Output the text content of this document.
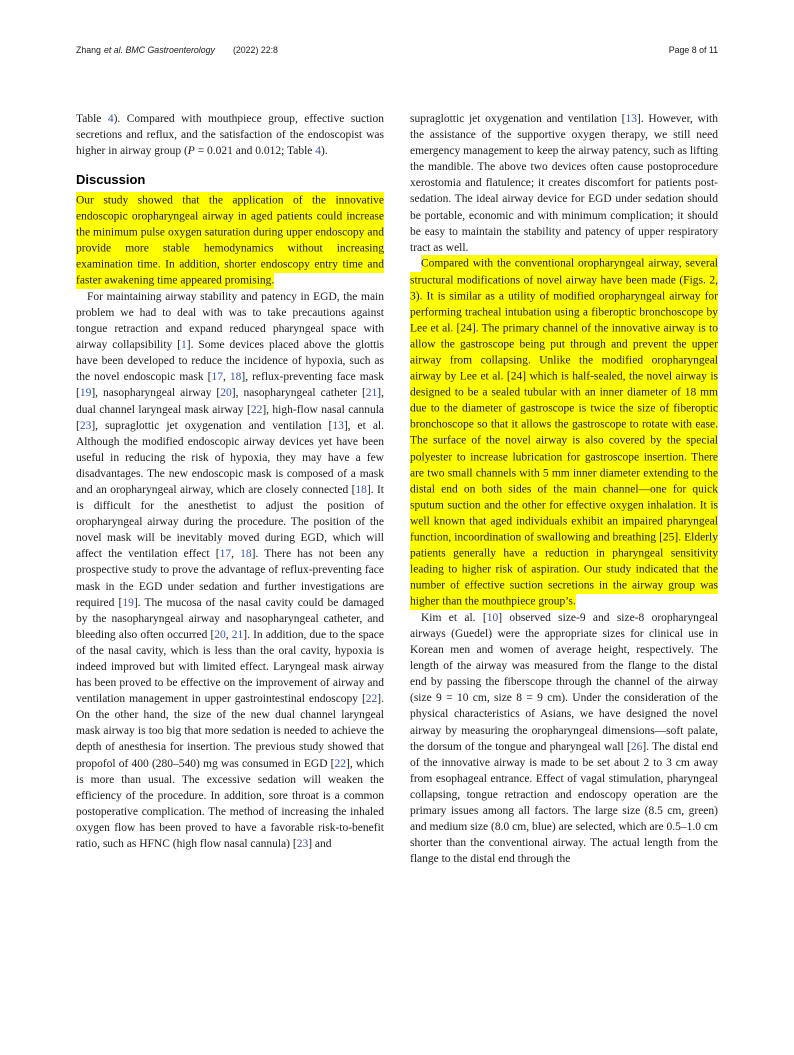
Zhang et al. BMC Gastroenterology (2022) 22:8	Page 8 of 11

Table 4). Compared with mouthpiece group, effective suction secretions and reflux, and the satisfaction of the endoscopist was higher in airway group (P = 0.021 and 0.012; Table 4).

Discussion

Our study showed that the application of the innovative endoscopic oropharyngeal airway in aged patients could increase the minimum pulse oxygen saturation during upper endoscopy and provide more stable hemodynamics without increasing examination time. In addition, shorter endoscopy entry time and faster awakening time appeared promising.

For maintaining airway stability and patency in EGD, the main problem we had to deal with was to take precautions against tongue retraction and expand reduced pharyngeal space with airway collapsibility [1]. Some devices placed above the glottis have been developed to reduce the incidence of hypoxia, such as the novel endoscopic mask [17, 18], reflux-preventing face mask [19], nasopharyngeal airway [20], nasopharyngeal catheter [21], dual channel laryngeal mask airway [22], high-flow nasal cannula [23], supraglottic jet oxygenation and ventilation [13], et al. Although the modified endoscopic airway devices yet have been useful in reducing the risk of hypoxia, they may have a few disadvantages. The new endoscopic mask is composed of a mask and an oropharyngeal airway, which are closely connected [18]. It is difficult for the anesthetist to adjust the position of oropharyngeal airway during the procedure. The position of the novel mask will be inevitably moved during EGD, which will affect the ventilation effect [17, 18]. There has not been any prospective study to prove the advantage of reflux-preventing face mask in the EGD under sedation and further investigations are required [19]. The mucosa of the nasal cavity could be damaged by the nasopharyngeal airway and nasopharyngeal catheter, and bleeding also often occurred [20, 21]. In addition, due to the space of the nasal cavity, which is less than the oral cavity, hypoxia is indeed improved but with limited effect. Laryngeal mask airway has been proved to be effective on the improvement of airway and ventilation management in upper gastrointestinal endoscopy [22]. On the other hand, the size of the new dual channel laryngeal mask airway is too big that more sedation is needed to achieve the depth of anesthesia for insertion. The previous study showed that propofol of 400 (280–540) mg was consumed in EGD [22], which is more than usual. The excessive sedation will weaken the efficiency of the procedure. In addition, sore throat is a common postoperative complication. The method of increasing the inhaled oxygen flow has been proved to have a favorable risk-to-benefit ratio, such as HFNC (high flow nasal cannula) [23] and

supraglottic jet oxygenation and ventilation [13]. However, with the assistance of the supportive oxygen therapy, we still need emergency management to keep the airway patency, such as lifting the mandible. The above two devices often cause postoprocedure xerostomia and flatulence; it creates discomfort for patients post-sedation. The ideal airway device for EGD under sedation should be portable, economic and with minimum complication; it should be easy to maintain the stability and patency of upper respiratory tract as well.

Compared with the conventional oropharyngeal airway, several structural modifications of novel airway have been made (Figs. 2, 3). It is similar as a utility of modified oropharyngeal airway for performing tracheal intubation using a fiberoptic bronchoscope by Lee et al. [24]. The primary channel of the innovative airway is to allow the gastroscope being put through and prevent the upper airway from collapsing. Unlike the modified oropharyngeal airway by Lee et al. [24] which is half-sealed, the novel airway is designed to be a sealed tubular with an inner diameter of 18 mm due to the diameter of gastroscope is twice the size of fiberoptic bronchoscope so that it allows the gastroscope to rotate with ease. The surface of the novel airway is also covered by the special polyester to increase lubrication for gastroscope insertion. There are two small channels with 5 mm inner diameter extending to the distal end on both sides of the main channel—one for quick sputum suction and the other for effective oxygen inhalation. It is well known that aged individuals exhibit an impaired pharyngeal function, incoordination of swallowing and breathing [25]. Elderly patients generally have a reduction in pharyngeal sensitivity leading to higher risk of aspiration. Our study indicated that the number of effective suction secretions in the airway group was higher than the mouthpiece group’s.

Kim et al. [10] observed size-9 and size-8 oropharyngeal airways (Guedel) were the appropriate sizes for clinical use in Korean men and women of average height, respectively. The length of the airway was measured from the flange to the distal end by passing the fiberscope through the channel of the airway (size 9 = 10 cm, size 8 = 9 cm). Under the consideration of the physical characteristics of Asians, we have designed the novel airway by measuring the oropharyngeal dimensions—soft palate, the dorsum of the tongue and pharyngeal wall [26]. The distal end of the innovative airway is made to be set about 2 to 3 cm away from esophageal entrance. Effect of vagal stimulation, pharyngeal collapsing, tongue retraction and endoscopy operation are the primary issues among all factors. The large size (8.5 cm, green) and medium size (8.0 cm, blue) are selected, which are 0.5–1.0 cm shorter than the conventional airway. The actual length from the flange to the distal end through the
